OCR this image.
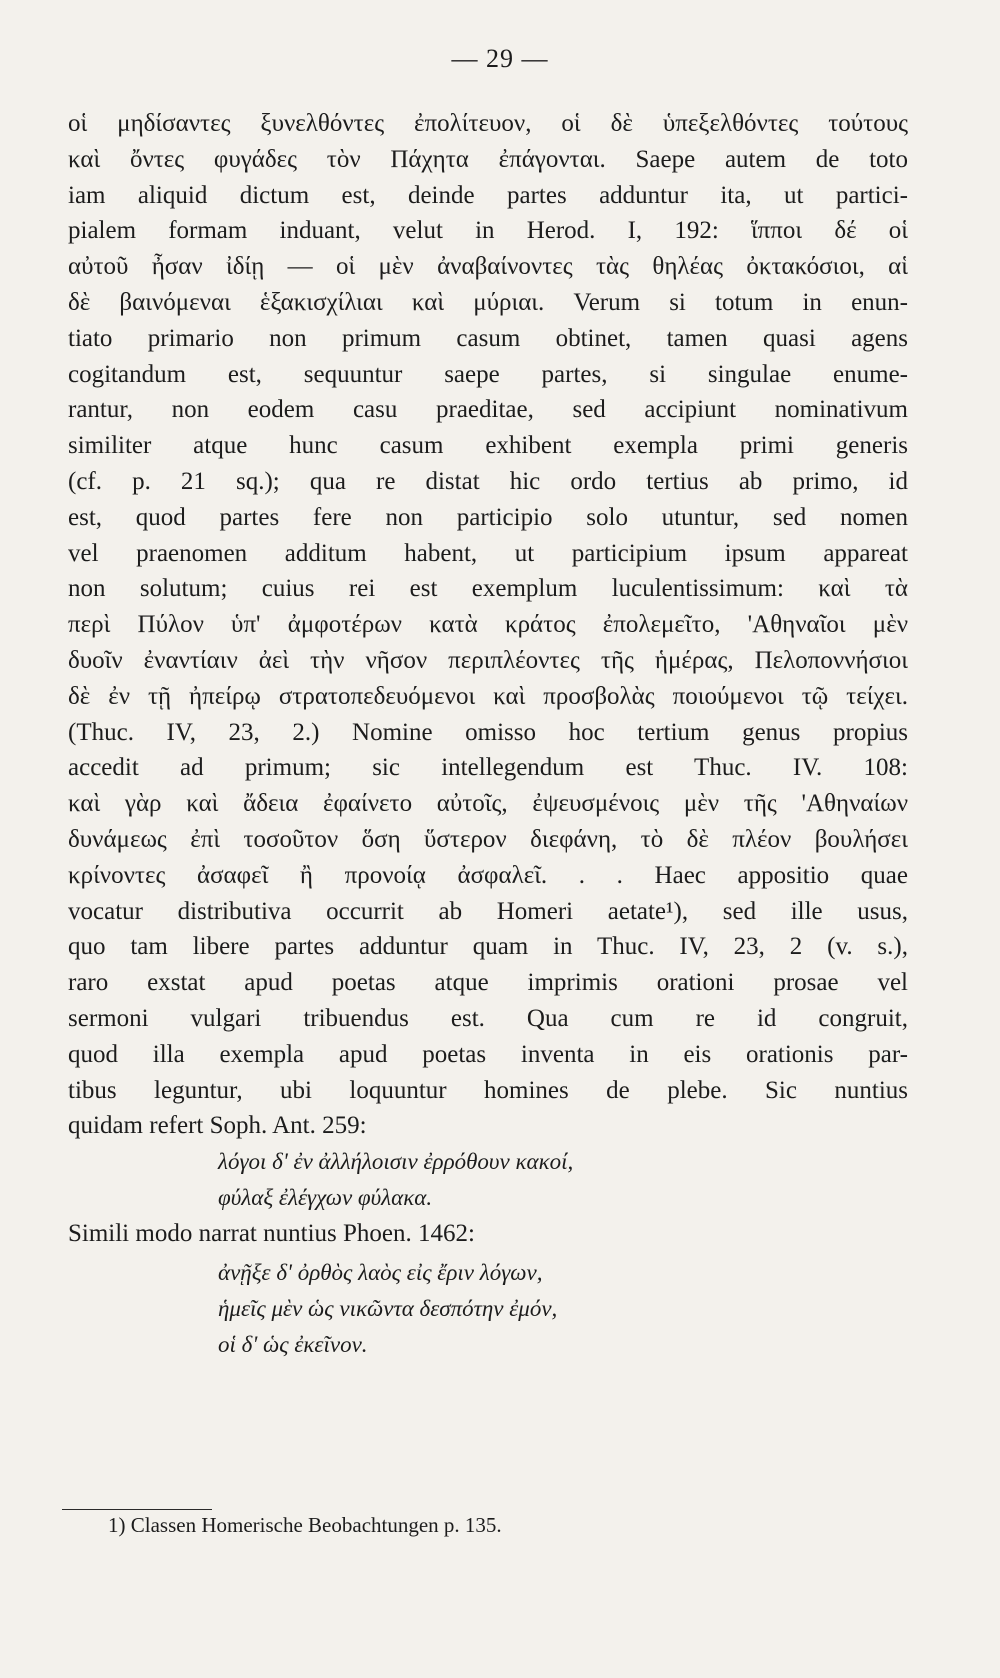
— 29 —
οἱ μηδίσαντες ξυνελθόντες ἐπολίτευον, οἱ δὲ ὑπεξελθόντες τούτους
καὶ ὄντες φυγάδες τὸν Πάχητα ἐπάγονται. Saepe autem de toto
iam aliquid dictum est, deinde partes adduntur ita, ut partici-
pialem formam induant, velut in Herod. I, 192: ἵπποι δέ οἱ
αὐτοῦ ἦσαν ἰδίῃ — οἱ μὲν ἀναβαίνοντες τὰς θηλέας ὀκτακόσιοι, αἱ
δὲ βαινόμεναι ἑξακισχίλιαι καὶ μύριαι. Verum si totum in enun-
tiato primario non primum casum obtinet, tamen quasi agens
cogitandum est, sequuntur saepe partes, si singulae enume-
rantur, non eodem casu praeditae, sed accipiunt nominativum
similiter atque hunc casum exhibent exempla primi generis
(cf. p. 21 sq.); qua re distat hic ordo tertius ab primo, id
est, quod partes fere non participio solo utuntur, sed nomen
vel praenomen additum habent, ut participium ipsum appareat
non solutum; cuius rei est exemplum luculentissimum: καὶ τὰ
περὶ Πύλον ὑπ' ἀμφοτέρων κατὰ κράτος ἐπολεμεῖτο, 'Αθηναῖοι μὲν
δυοῖν ἐναντίαιν ἀεὶ τὴν νῆσον περιπλέοντες τῆς ἡμέρας, Πελοποννήσιοι
δὲ ἐν τῇ ἠπείρῳ στρατοπεδευόμενοι καὶ προσβολὰς ποιούμενοι τῷ τείχει.
(Thuc. IV, 23, 2.) Nomine omisso hoc tertium genus propius
accedit ad primum; sic intellegendum est Thuc. IV. 108:
καὶ γὰρ καὶ ἄδεια ἐφαίνετο αὐτοῖς, ἐψευσμένοις μὲν τῆς 'Αθηναίων
δυνάμεως ἐπὶ τοσοῦτον ὅση ὕστερον διεφάνη, τὸ δὲ πλέον βουλήσει
κρίνοντες ἀσαφεῖ ἢ προνοίᾳ ἀσφαλεῖ. . . Haec appositio quae
vocatur distributiva occurrit ab Homeri aetate¹), sed ille usus,
quo tam libere partes adduntur quam in Thuc. IV, 23, 2 (v. s.),
raro exstat apud poetas atque imprimis orationi prosae vel
sermoni vulgari tribuendus est. Qua cum re id congruit,
quod illa exempla apud poetas inventa in eis orationis par-
tibus leguntur, ubi loquuntur homines de plebe. Sic nuntius
quidam refert Soph. Ant. 259:
λόγοι δ' ἐν ἀλλήλοισιν ἐρρόθουν κακοί,
φύλαξ ἐλέγχων φύλακα.
Simili modo narrat nuntius Phoen. 1462:
ἀνῇξε δ' ὀρθὸς λαὸς εἰς ἔριν λόγων,
ἡμεῖς μὲν ὡς νικῶντα δεσπότην ἐμόν,
οἱ δ' ὡς ἐκεῖνον.
1) Classen Homerische Beobachtungen p. 135.
